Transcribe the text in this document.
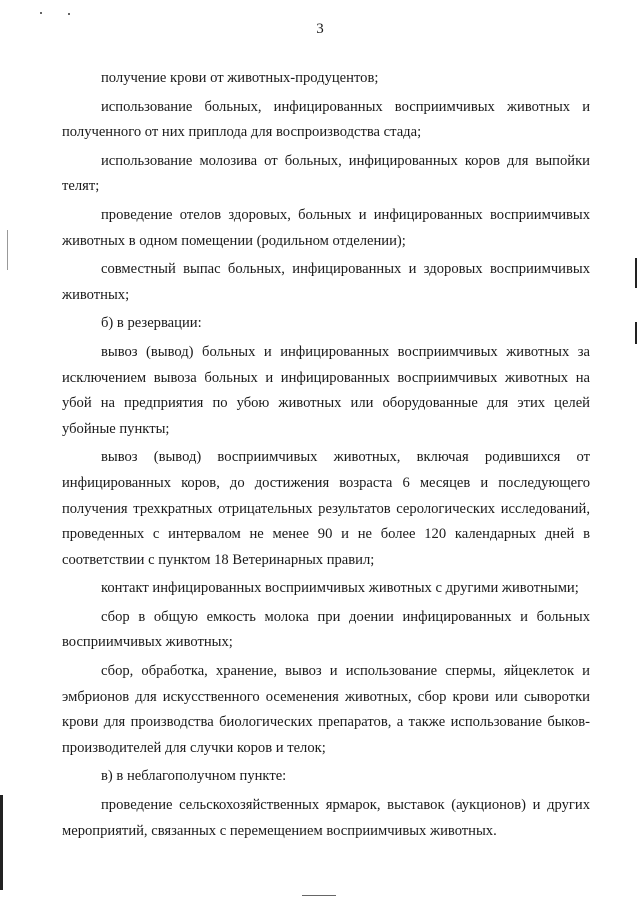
3

получение крови от животных-продуцентов;

использование больных, инфицированных восприимчивых животных и полученного от них приплода для воспроизводства стада;

использование молозива от больных, инфицированных коров для выпойки телят;

проведение отелов здоровых, больных и инфицированных восприимчивых животных в одном помещении (родильном отделении);

совместный выпас больных, инфицированных и здоровых восприимчивых животных;

б) в резервации:

вывоз (вывод) больных и инфицированных восприимчивых животных за исключением вывоза больных и инфицированных восприимчивых животных на убой на предприятия по убою животных или оборудованные для этих целей убойные пункты;

вывоз (вывод) восприимчивых животных, включая родившихся от инфицированных коров, до достижения возраста 6 месяцев и последующего получения трехкратных отрицательных результатов серологических исследований, проведенных с интервалом не менее 90 и не более 120 календарных дней в соответствии с пунктом 18 Ветеринарных правил;

контакт инфицированных восприимчивых животных с другими животными;

сбор в общую емкость молока при доении инфицированных и больных восприимчивых животных;

сбор, обработка, хранение, вывоз и использование спермы, яйцеклеток и эмбрионов для искусственного осеменения животных, сбор крови или сыворотки крови для производства биологических препаратов, а также использование быков-производителей для случки коров и телок;

в) в неблагополучном пункте:

проведение сельскохозяйственных ярмарок, выставок (аукционов) и других мероприятий, связанных с перемещением восприимчивых животных.
